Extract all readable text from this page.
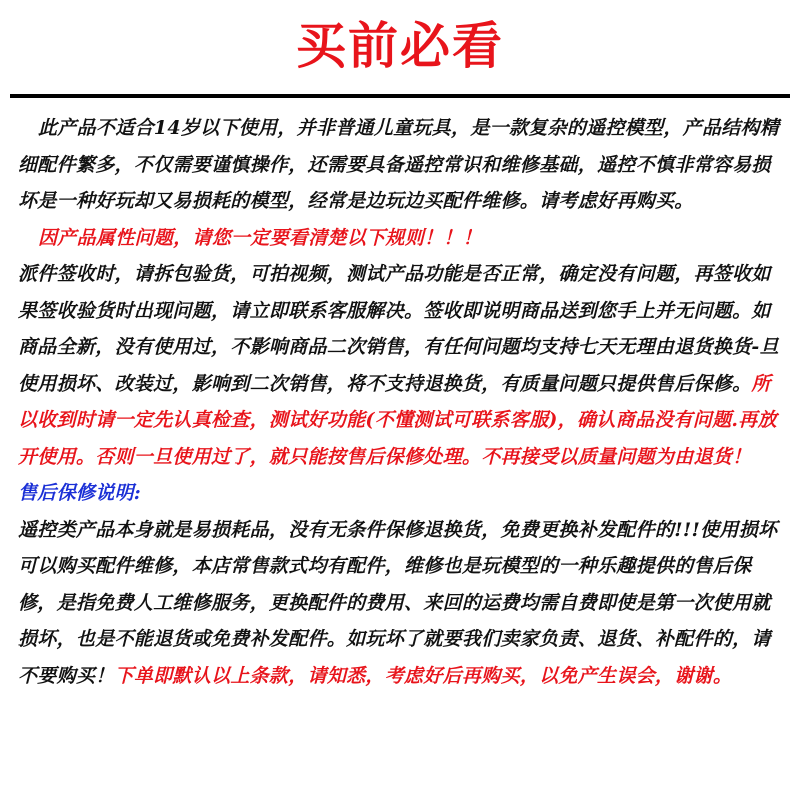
买前必看

此产品不适合14岁以下使用，并非普通儿童玩具，是一款复杂的遥控模型，产品结构精细配件繁多，不仅需要谨慎操作，还需要具备遥控常识和维修基础，遥控不慎非常容易损坏是一种好玩却又易损耗的模型，经常是边玩边买配件维修。请考虑好再购买。

因产品属性问题，请您一定要看清楚以下规则！！！

派件签收时，请拆包验货，可拍视频，测试产品功能是否正常，确定没有问题，再签收如果签收验货时出现问题，请立即联系客服解决。签收即说明商品送到您手上并无问题。如商品全新，没有使用过，不影响商品二次销售，有任何问题均支持七天无理由退货换货-旦使用损坏、改装过，影响到二次销售，将不支持退换货，有质量问题只提供售后保修。所以收到时请一定先认真检查，测试好功能(不懂测试可联系客服)，确认商品没有问题.再放开使用。否则一旦使用过了，就只能按售后保修处理。不再接受以质量问题为由退货！

售后保修说明:

遥控类产品本身就是易损耗品，没有无条件保修退换货，免费更换补发配件的!!!使用损坏可以购买配件维修，本店常售款式均有配件，维修也是玩模型的一种乐趣提供的售后保修，是指免费人工维修服务，更换配件的费用、来回的运费均需自费即使是第一次使用就损坏，也是不能退货或免费补发配件。如玩坏了就要我们卖家负责、退货、补配件的，请不要购买！下单即默认以上条款，请知悉，考虑好后再购买，以免产生误会，谢谢。
